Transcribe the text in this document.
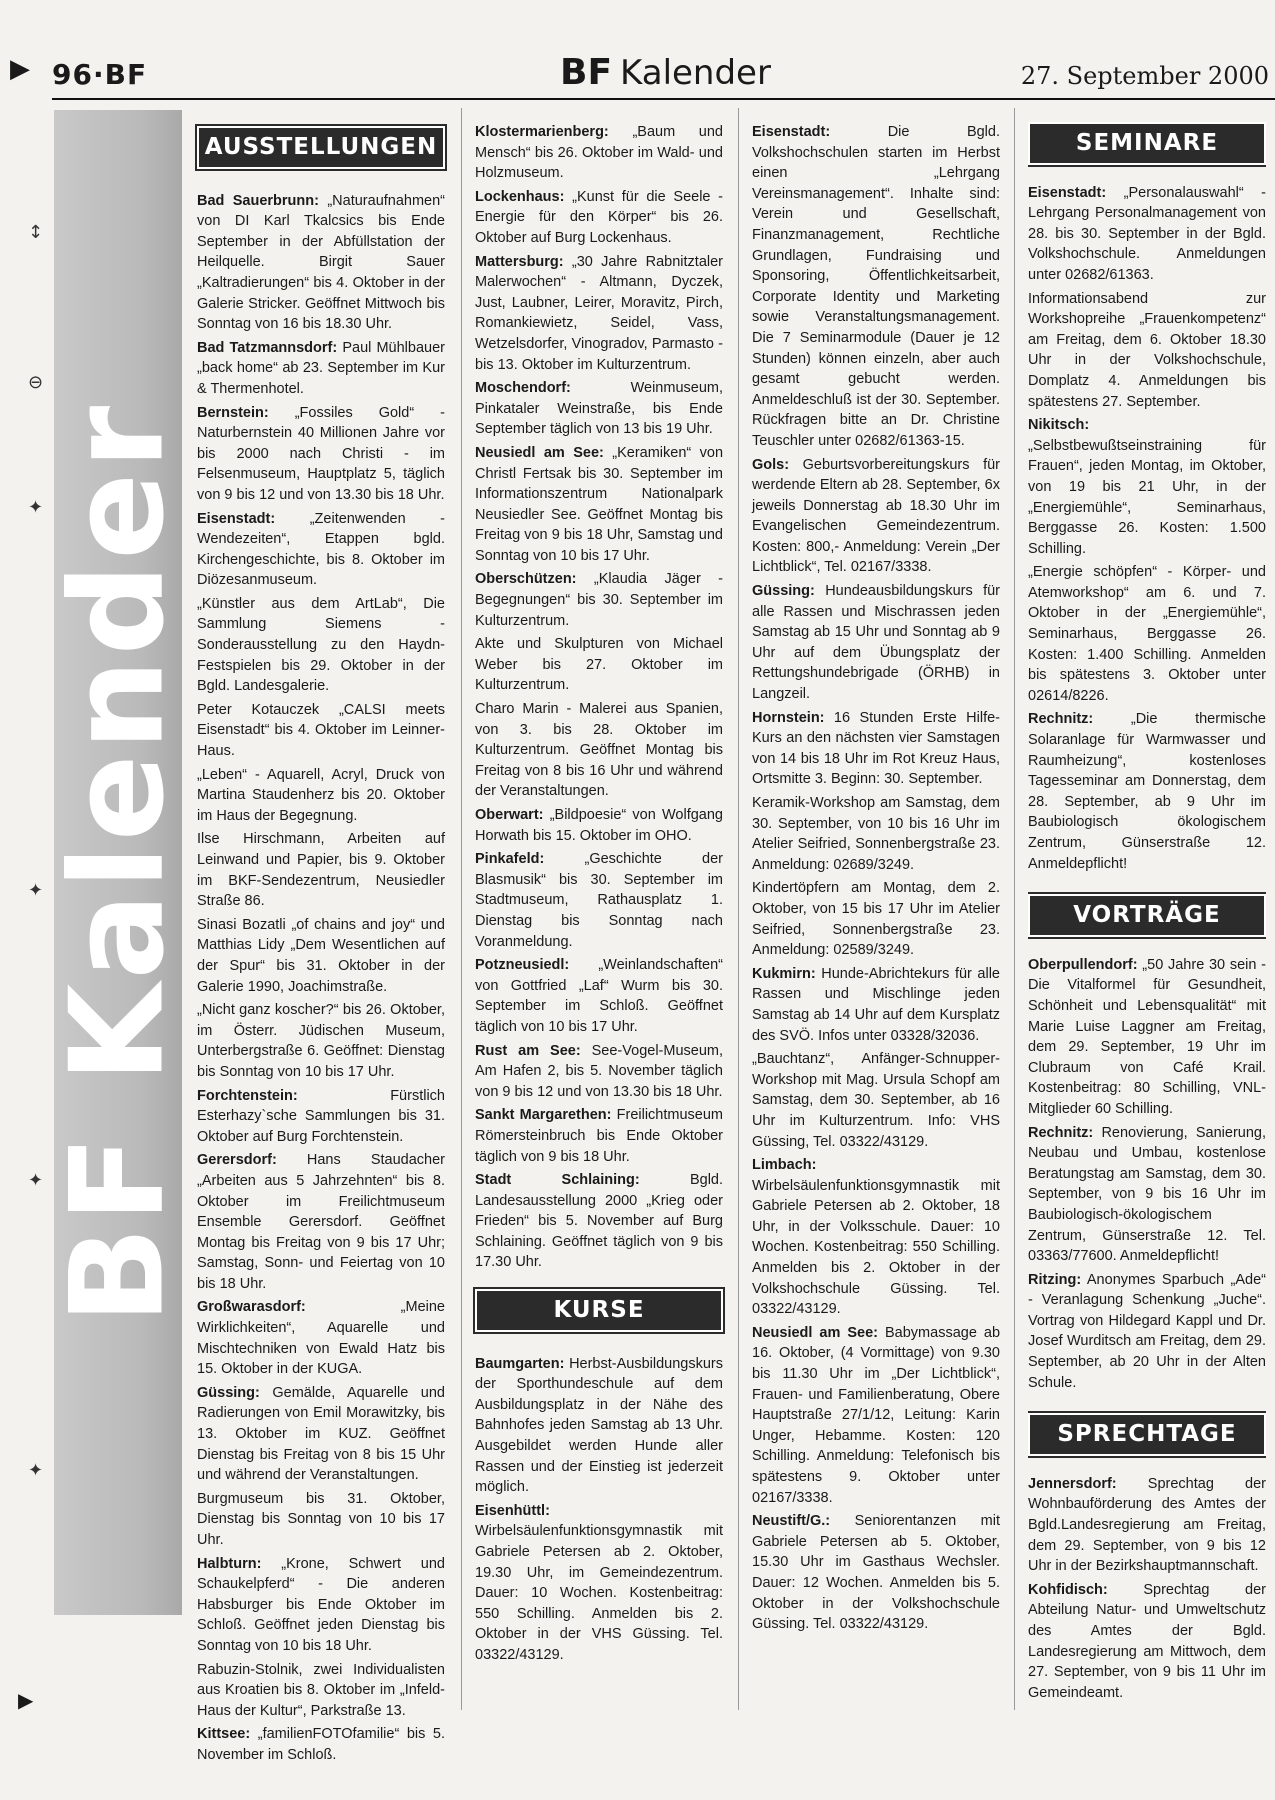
▶ 96·BF	BF Kalender	27. September 2000
BF Kalender
↕
⊖
✦
✦
✦
✦
▶
AUSSTELLUNGEN

Bad Sauerbrunn: „Naturaufnahmen“ von DI Karl Tkalcsics bis Ende September in der Abfüllstation der Heilquelle. Birgit Sauer „Kaltradierungen“ bis 4. Oktober in der Galerie Stricker. Geöffnet Mittwoch bis Sonntag von 16 bis 18.30 Uhr.

Bad Tatzmannsdorf: Paul Mühlbauer „back home“ ab 23. September im Kur & Thermenhotel.

Bernstein: „Fossiles Gold“ - Naturbernstein 40 Millionen Jahre vor bis 2000 nach Christi - im Felsenmuseum, Hauptplatz 5, täglich von 9 bis 12 und von 13.30 bis 18 Uhr.

Eisenstadt: „Zeitenwenden - Wendezeiten“, Etappen bgld. Kirchengeschichte, bis 8. Oktober im Diözesanmuseum.

„Künstler aus dem ArtLab“, Die Sammlung Siemens - Sonderausstellung zu den Haydn-Festspielen bis 29. Oktober in der Bgld. Landesgalerie.

Peter Kotauczek „CALSI meets Eisenstadt“ bis 4. Oktober im Leinner-Haus.

„Leben“ - Aquarell, Acryl, Druck von Martina Staudenherz bis 20. Oktober im Haus der Begegnung.

Ilse Hirschmann, Arbeiten auf Leinwand und Papier, bis 9. Oktober im BKF-Sendezentrum, Neusiedler Straße 86.

Sinasi Bozatli „of chains and joy“ und Matthias Lidy „Dem Wesentlichen auf der Spur“ bis 31. Oktober in der Galerie 1990, Joachimstraße.

„Nicht ganz koscher?“ bis 26. Oktober, im Österr. Jüdischen Museum, Unterbergstraße 6. Geöffnet: Dienstag bis Sonntag von 10 bis 17 Uhr.

Forchtenstein:	Fürstlich Esterhazy`sche Sammlungen bis 31. Oktober auf Burg Forchtenstein.

Gerersdorf: Hans Staudacher „Arbeiten aus 5 Jahrzehnten“ bis 8. Oktober im Freilichtmuseum Ensemble Gerersdorf. Geöffnet Montag bis Freitag von 9 bis 17 Uhr; Samstag, Sonn- und Feiertag von 10 bis 18 Uhr.

Großwarasdorf:	„Meine Wirklichkeiten“, Aquarelle und Mischtechniken von Ewald Hatz bis 15. Oktober in der KUGA.

Güssing: Gemälde, Aquarelle und Radierungen von Emil Morawitzky, bis 13. Oktober im KUZ. Geöffnet Dienstag bis Freitag von 8 bis 15 Uhr und während der Veranstaltungen.

Burgmuseum bis 31. Oktober, Dienstag bis Sonntag von 10 bis 17 Uhr.

Halbturn: „Krone, Schwert und Schaukelpferd“ - Die anderen Habsburger bis Ende Oktober im Schloß. Geöffnet jeden Dienstag bis Sonntag von 10 bis 18 Uhr.

Rabuzin-Stolnik, zwei Individualisten aus Kroatien bis 8. Oktober im „Infeld-Haus der Kultur“, Parkstraße 13.

Kittsee: „familienFOTOfamilie“ bis 5. November im Schloß.

Klostermarienberg: „Baum und Mensch“ bis 26. Oktober im Wald- und Holzmuseum.

Lockenhaus: „Kunst für die Seele - Energie für den Körper“ bis 26. Oktober auf Burg Lockenhaus.

Mattersburg: „30 Jahre Rabnitztaler Malerwochen“ - Altmann, Dyczek, Just, Laubner, Leirer, Moravitz, Pirch, Romankiewietz, Seidel, Vass, Wetzelsdorfer, Vinogradov, Parmasto - bis 13. Oktober im Kulturzentrum.

Moschendorf:	Weinmuseum, Pinkataler Weinstraße, bis Ende September täglich von 13 bis 19 Uhr.

Neusiedl am See: „Keramiken“ von Christl Fertsak bis 30. September im Informationszentrum Nationalpark Neusiedler See. Geöffnet Montag bis Freitag von 9 bis 18 Uhr, Samstag und Sonntag von 10 bis 17 Uhr.

Oberschützen: „Klaudia Jäger - Begegnungen“ bis 30. September im Kulturzentrum.

Akte und Skulpturen von Michael Weber bis 27. Oktober im Kulturzentrum.

Charo Marin - Malerei aus Spanien, von 3. bis 28. Oktober im Kulturzentrum. Geöffnet Montag bis Freitag von 8 bis 16 Uhr und während der Veranstaltungen.

Oberwart: „Bildpoesie“ von Wolfgang Horwath bis 15. Oktober im OHO.

Pinkafeld:	„Geschichte der Blasmusik“ bis 30. September im Stadtmuseum, Rathausplatz 1. Dienstag bis Sonntag nach Voranmeldung.

Potzneusiedl: „Weinlandschaften“ von Gottfried „Laf“ Wurm bis 30. September im Schloß. Geöffnet täglich von 10 bis 17 Uhr.

Rust am See: See-Vogel-Museum, Am Hafen 2, bis 5. November täglich von 9 bis 12 und von 13.30 bis 18 Uhr.

Sankt Margarethen: Freilichtmuseum Römersteinbruch bis Ende Oktober täglich von 9 bis 18 Uhr.

Stadt Schlaining:	Bgld. Landesausstellung 2000 „Krieg oder Frieden“ bis 5. November auf Burg Schlaining. Geöffnet täglich von 9 bis 17.30 Uhr.

KURSE

Baumgarten: Herbst-Ausbildungskurs der Sporthundeschule auf dem Ausbildungsplatz in der Nähe des Bahnhofes jeden Samstag ab 13 Uhr. Ausgebildet werden Hunde aller Rassen und der Einstieg ist jederzeit möglich.

Eisenhüttl: Wirbelsäulenfunktionsgymnastik mit Gabriele Petersen ab 2. Oktober, 19.30 Uhr, im Gemeindezentrum. Dauer: 10 Wochen. Kostenbeitrag: 550 Schilling. Anmelden bis 2. Oktober in der VHS Güssing. Tel. 03322/43129.

Eisenstadt:	Die Bgld. Volkshochschulen starten im Herbst einen „Lehrgang Vereinsmanagement“. Inhalte sind: Verein und Gesellschaft, Finanzmanagement, Rechtliche Grundlagen, Fundraising und Sponsoring, Öffentlichkeitsarbeit, Corporate Identity und Marketing sowie Veranstaltungsmanagement. Die 7 Seminarmodule (Dauer je 12 Stunden) können einzeln, aber auch gesamt gebucht werden. Anmeldeschluß ist der 30. September. Rückfragen bitte an Dr. Christine Teuschler unter 02682/61363-15.

Gols: Geburtsvorbereitungskurs für werdende Eltern ab 28. September, 6x jeweils Donnerstag ab 18.30 Uhr im Evangelischen Gemeindezentrum. Kosten: 800,- Anmeldung: Verein „Der Lichtblick“, Tel. 02167/3338.

Güssing: Hundeausbildungskurs für alle Rassen und Mischrassen jeden Samstag ab 15 Uhr und Sonntag ab 9 Uhr auf dem Übungsplatz der Rettungshundebrigade (ÖRHB) in Langzeil.

Hornstein: 16 Stunden Erste Hilfe-Kurs an den nächsten vier Samstagen von 14 bis 18 Uhr im Rot Kreuz Haus, Ortsmitte 3. Beginn: 30. September.

Keramik-Workshop am Samstag, dem 30. September, von 10 bis 16 Uhr im Atelier Seifried, Sonnenbergstraße 23. Anmeldung: 02689/3249.

Kindertöpfern am Montag, dem 2. Oktober, von 15 bis 17 Uhr im Atelier Seifried, Sonnenbergstraße 23. Anmeldung: 02589/3249.

Kukmirn: Hunde-Abrichtekurs für alle Rassen und Mischlinge jeden Samstag ab 14 Uhr auf dem Kursplatz des SVÖ. Infos unter 03328/32036.

„Bauchtanz“, Anfänger-Schnupper-Workshop mit Mag. Ursula Schopf am Samstag, dem 30. September, ab 16 Uhr im Kulturzentrum. Info: VHS Güssing, Tel. 03322/43129.

Limbach: Wirbelsäulenfunktionsgymnastik mit Gabriele Petersen ab 2. Oktober, 18 Uhr, in der Volksschule. Dauer: 10 Wochen. Kostenbeitrag: 550 Schilling. Anmelden bis 2. Oktober in der Volkshochschule Güssing. Tel. 03322/43129.

Neusiedl am See: Babymassage ab 16. Oktober, (4 Vormittage) von 9.30 bis 11.30 Uhr im „Der Lichtblick“, Frauen- und Familienberatung, Obere Hauptstraße 27/1/12, Leitung: Karin Unger, Hebamme. Kosten: 120 Schilling. Anmeldung: Telefonisch bis spätestens 9. Oktober unter 02167/3338.

Neustift/G.: Seniorentanzen mit Gabriele Petersen ab 5. Oktober, 15.30 Uhr im Gasthaus Wechsler. Dauer: 12 Wochen. Anmelden bis 5. Oktober in der Volkshochschule Güssing. Tel. 03322/43129.

SEMINARE

Eisenstadt: „Personalauswahl“ - Lehrgang Personalmanagement von 28. bis 30. September in der Bgld. Volkshochschule. Anmeldungen unter 02682/61363.

Informationsabend zur Workshopreihe „Frauenkompetenz“ am Freitag, dem 6. Oktober 18.30 Uhr in der Volkshochschule, Domplatz 4. Anmeldungen bis spätestens 27. September.

Nikitsch: „Selbstbewußtseinstraining für Frauen“, jeden Montag, im Oktober, von 19 bis 21 Uhr, in der „Energiemühle“, Seminarhaus, Berggasse 26. Kosten: 1.500 Schilling.

„Energie schöpfen“ - Körper- und Atemworkshop“ am 6. und 7. Oktober in der „Energiemühle“, Seminarhaus, Berggasse 26. Kosten: 1.400 Schilling. Anmelden bis spätestens 3. Oktober unter 02614/8226.

Rechnitz:	„Die thermische Solaranlage für Warmwasser und Raumheizung“, kostenloses Tagesseminar am Donnerstag, dem 28. September, ab 9 Uhr im Baubiologisch ökologischem Zentrum, Günserstraße 12. Anmeldepflicht!

VORTRÄGE

Oberpullendorf: „50 Jahre 30 sein - Die Vitalformel für Gesundheit, Schönheit und Lebensqualität“ mit Marie Luise Laggner am Freitag, dem 29. September, 19 Uhr im Clubraum von Café Krail. Kostenbeitrag: 80 Schilling, VNL-Mitglieder 60 Schilling.

Rechnitz: Renovierung, Sanierung, Neubau und Umbau, kostenlose Beratungstag am Samstag, dem 30. September, von 9 bis 16 Uhr im Baubiologisch-ökologischem Zentrum, Günserstraße 12. Tel. 03363/77600. Anmeldepflicht!

Ritzing: Anonymes Sparbuch „Ade“ - Veranlagung Schenkung „Juche“. Vortrag von Hildegard Kappl und Dr. Josef Wurditsch am Freitag, dem 29. September, ab 20 Uhr in der Alten Schule.

SPRECHTAGE

Jennersdorf: Sprechtag der Wohnbauförderung des Amtes der Bgld.Landesregierung am Freitag, dem 29. September, von 9 bis 12 Uhr in der Bezirkshauptmannschaft.

Kohfidisch: Sprechtag der Abteilung Natur- und Umweltschutz des Amtes der Bgld. Landesregierung am Mittwoch, dem 27. September, von 9 bis 11 Uhr im Gemeindeamt.
